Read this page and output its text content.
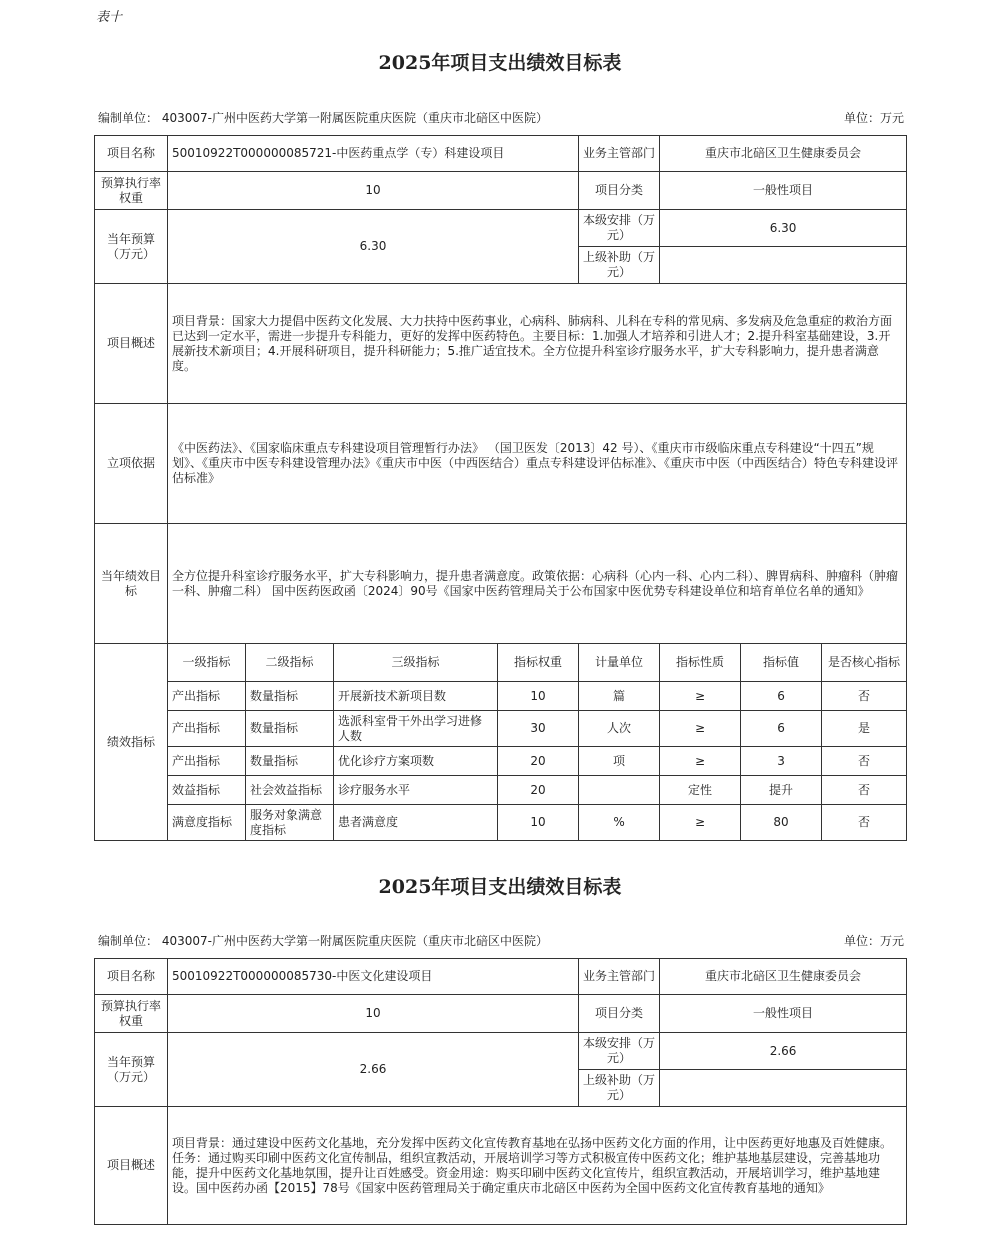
表十
2025年项目支出绩效目标表
编制单位： 403007-广州中医药大学第一附属医院重庆医院（重庆市北碚区中医院）	单位：万元
项目名称	50010922T000000085721-中医药重点学（专）科建设项目				业务主管部门	重庆市北碚区卫生健康委员会		
预算执行率权重	10				项目分类	一般性项目		
当年预算（万元）	6.30				本级安排（万元）	6.30		
					上级补助（万元）			
项目概述	项目背景：国家大力提倡中医药文化发展、大力扶持中医药事业，心病科、肺病科、儿科在专科的常见病、多发病及危急重症的救治方面已达到一定水平，需进一步提升专科能力，更好的发挥中医药特色。主要目标：1.加强人才培养和引进人才；2.提升科室基础建设，3.开展新技术新项目；4.开展科研项目，提升科研能力；5.推广适宜技术。全方位提升科室诊疗服务水平，扩大专科影响力，提升患者满意度。							

立项依据	《中医药法》、《国家临床重点专科建设项目管理暂行办法》 （国卫医发〔2013〕42 号）、《重庆市市级临床重点专科建设“十四五”规划》、《重庆市中医专科建设管理办法》《重庆市中医（中西医结合）重点专科建设评估标准》、《重庆市中医（中西医结合）特色专科建设评估标准》							

当年绩效目标	全方位提升科室诊疗服务水平，扩大专科影响力，提升患者满意度。政策依据：心病科（心内一科、心内二科）、脾胃病科、肿瘤科（肿瘤一科、肿瘤二科） 国中医药医政函〔2024〕90号《国家中医药管理局关于公布国家中医优势专科建设单位和培育单位名单的通知》							

绩效指标	一级指标	二级指标	三级指标	指标权重	计量单位	指标性质	指标值	是否核心指标
	产出指标	数量指标	开展新技术新项目数	10	篇	≥	6	否
	产出指标	数量指标	选派科室骨干外出学习进修人数	30	人次	≥	6	是
	产出指标	数量指标	优化诊疗方案项数	20	项	≥	3	否
	效益指标	社会效益指标	诊疗服务水平	20		定性	提升	否
	满意度指标	服务对象满意度指标	患者满意度	10	%	≥	80	否
2025年项目支出绩效目标表
编制单位： 403007-广州中医药大学第一附属医院重庆医院（重庆市北碚区中医院）	单位：万元
项目名称	50010922T000000085730-中医文化建设项目	业务主管部门	重庆市北碚区卫生健康委员会
预算执行率权重	10	项目分类	一般性项目
当年预算（万元）	2.66	本级安排（万元）	2.66
		上级补助（万元）	
项目概述	项目背景：通过建设中医药文化基地，充分发挥中医药文化宣传教育基地在弘扬中医药文化方面的作用，让中医药更好地惠及百姓健康。任务：通过购买印刷中医药文化宣传制品，组织宣教活动，开展培训学习等方式积极宣传中医药文化；维护基地基层建设，完善基地功能，提升中医药文化基地氛围，提升让百姓感受。资金用途：购买印刷中医药文化宣传片，组织宣教活动，开展培训学习，维护基地建设。国中医药办函【2015】78号《国家中医药管理局关于确定重庆市北碚区中医药为全国中医药文化宣传教育基地的通知》		
